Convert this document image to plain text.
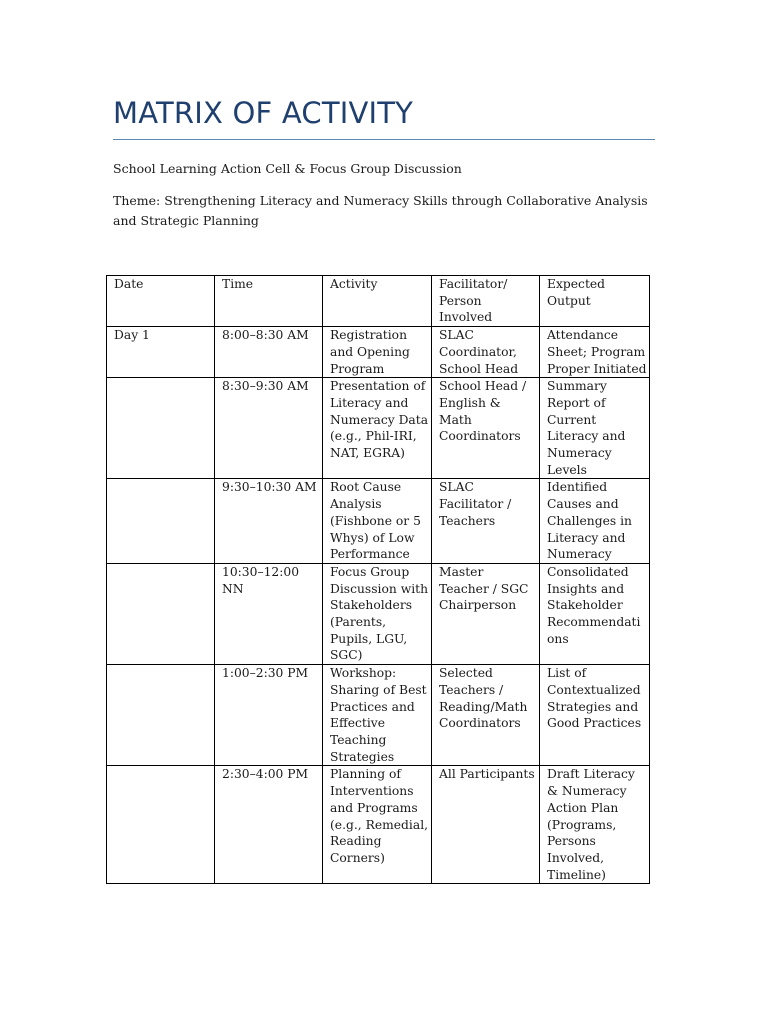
MATRIX OF ACTIVITY

School Learning Action Cell & Focus Group Discussion

Theme: Strengthening Literacy and Numeracy Skills through Collaborative Analysis and Strategic Planning

Date	Time	Activity	Facilitator/ Person Involved	Expected Output
Day 1	8:00–8:30 AM	Registration and Opening Program	SLAC Coordinator, School Head	Attendance Sheet; Program Proper Initiated
	8:30–9:30 AM	Presentation of Literacy and Numeracy Data (e.g., Phil-IRI, NAT, EGRA)	School Head / English & Math Coordinators	Summary Report of Current Literacy and Numeracy Levels
	9:30–10:30 AM	Root Cause Analysis (Fishbone or 5 Whys) of Low Performance	SLAC Facilitator / Teachers	Identified Causes and Challenges in Literacy and Numeracy
	10:30–12:00 NN	Focus Group Discussion with Stakeholders (Parents, Pupils, LGU, SGC)	Master Teacher / SGC Chairperson	Consolidated Insights and Stakeholder Recommendations
	1:00–2:30 PM	Workshop: Sharing of Best Practices and Effective Teaching Strategies	Selected Teachers / Reading/Math Coordinators	List of Contextualized Strategies and Good Practices
	2:30–4:00 PM	Planning of Interventions and Programs (e.g., Remedial, Reading Corners)	All Participants	Draft Literacy & Numeracy Action Plan (Programs, Persons Involved, Timeline)
